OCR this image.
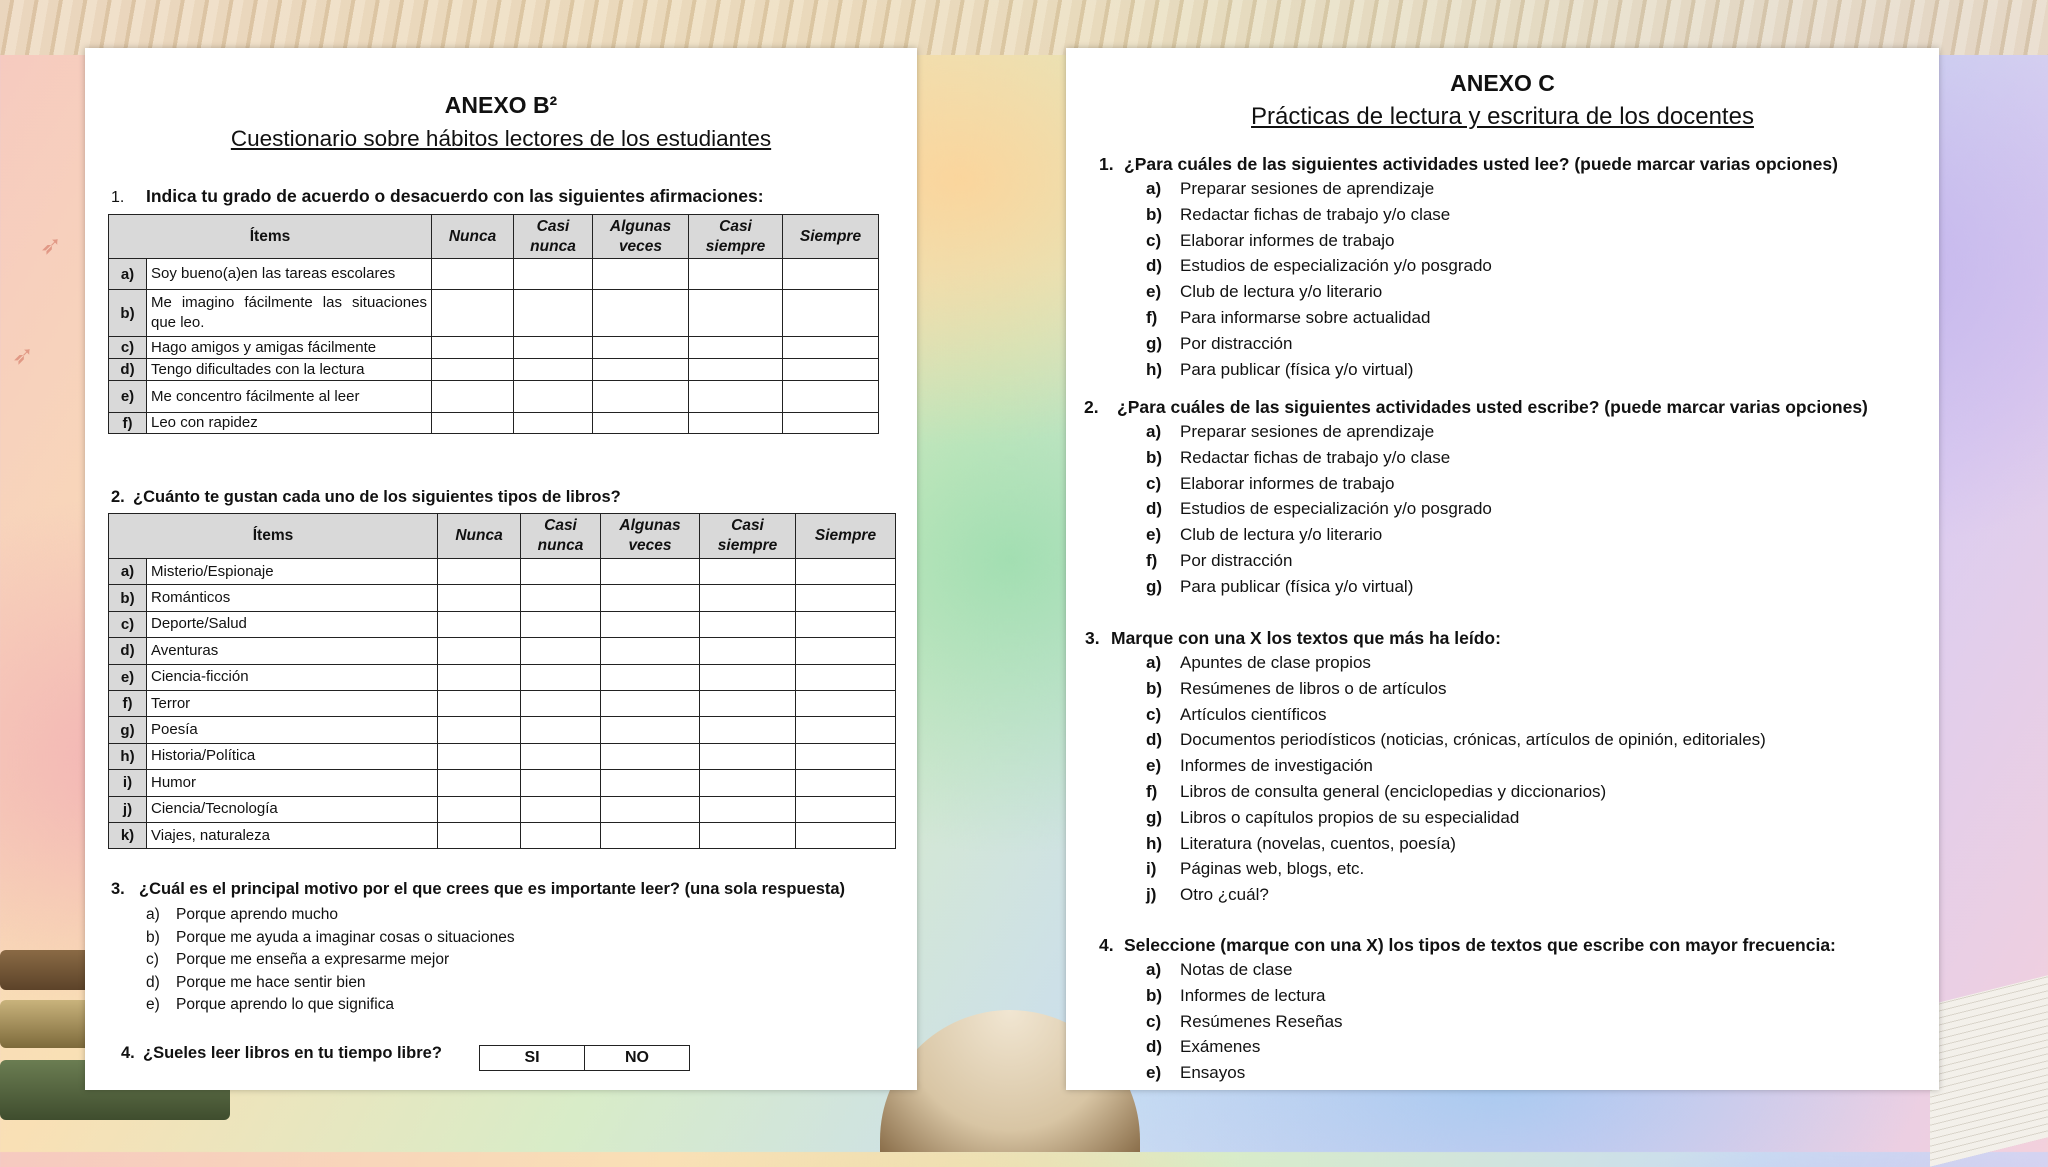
➶
➶
ANEXO B²
Cuestionario sobre hábitos lectores de los estudiantes
1. Indica tu grado de acuerdo o desacuerdo con las siguientes afirmaciones:
Ítems		Nunca	Casi nunca	Algunas veces	Casi siempre	Siempre
a)	Soy bueno(a)en las tareas escolares					
b)	Me imagino fácilmente las situaciones que leo.					
c)	Hago amigos y amigas fácilmente					
d)	Tengo dificultades con la lectura					
e)	Me concentro fácilmente al leer					
f)	Leo con rapidez					
2. ¿Cuánto te gustan cada uno de los siguientes tipos de libros?
Ítems		Nunca	Casi nunca	Algunas veces	Casi siempre	Siempre
a)	Misterio/Espionaje					
b)	Románticos					
c)	Deporte/Salud					
d)	Aventuras					
e)	Ciencia-ficción					
f)	Terror					
g)	Poesía					
h)	Historia/Política					
i)	Humor					
j)	Ciencia/Tecnología					
k)	Viajes, naturaleza					
3. ¿Cuál es el principal motivo por el que crees que es importante leer? (una sola respuesta)
a)	Porque aprendo mucho
b)	Porque me ayuda a imaginar cosas o situaciones
c)	Porque me enseña a expresarme mejor
d)	Porque me hace sentir bien
e)	Porque aprendo lo que significa
4. ¿Sueles leer libros en tu tiempo libre?	SI	NO
ANEXO C
Prácticas de lectura y escritura de los docentes
1. ¿Para cuáles de las siguientes actividades usted lee? (puede marcar varias opciones)
a)	Preparar sesiones de aprendizaje
b)	Redactar fichas de trabajo y/o clase
c)	Elaborar informes de trabajo
d)	Estudios de especialización y/o posgrado
e)	Club de lectura y/o literario
f)	Para informarse sobre actualidad
g)	Por distracción
h)	Para publicar (física y/o virtual)
2. ¿Para cuáles de las siguientes actividades usted escribe? (puede marcar varias opciones)
a)	Preparar sesiones de aprendizaje
b)	Redactar fichas de trabajo y/o clase
c)	Elaborar informes de trabajo
d)	Estudios de especialización y/o posgrado
e)	Club de lectura y/o literario
f)	Por distracción
g)	Para publicar (física y/o virtual)
3. Marque con una X los textos que más ha leído:
a)	Apuntes de clase propios
b)	Resúmenes de libros o de artículos
c)	Artículos científicos
d)	Documentos periodísticos (noticias, crónicas, artículos de opinión, editoriales)
e)	Informes de investigación
f)	Libros de consulta general (enciclopedias y diccionarios)
g)	Libros o capítulos propios de su especialidad
h)	Literatura (novelas, cuentos, poesía)
i)	Páginas web, blogs, etc.
j)	Otro ¿cuál?
4. Seleccione (marque con una X) los tipos de textos que escribe con mayor frecuencia:
a)	Notas de clase
b)	Informes de lectura
c)	Resúmenes Reseñas
d)	Exámenes
e)	Ensayos
